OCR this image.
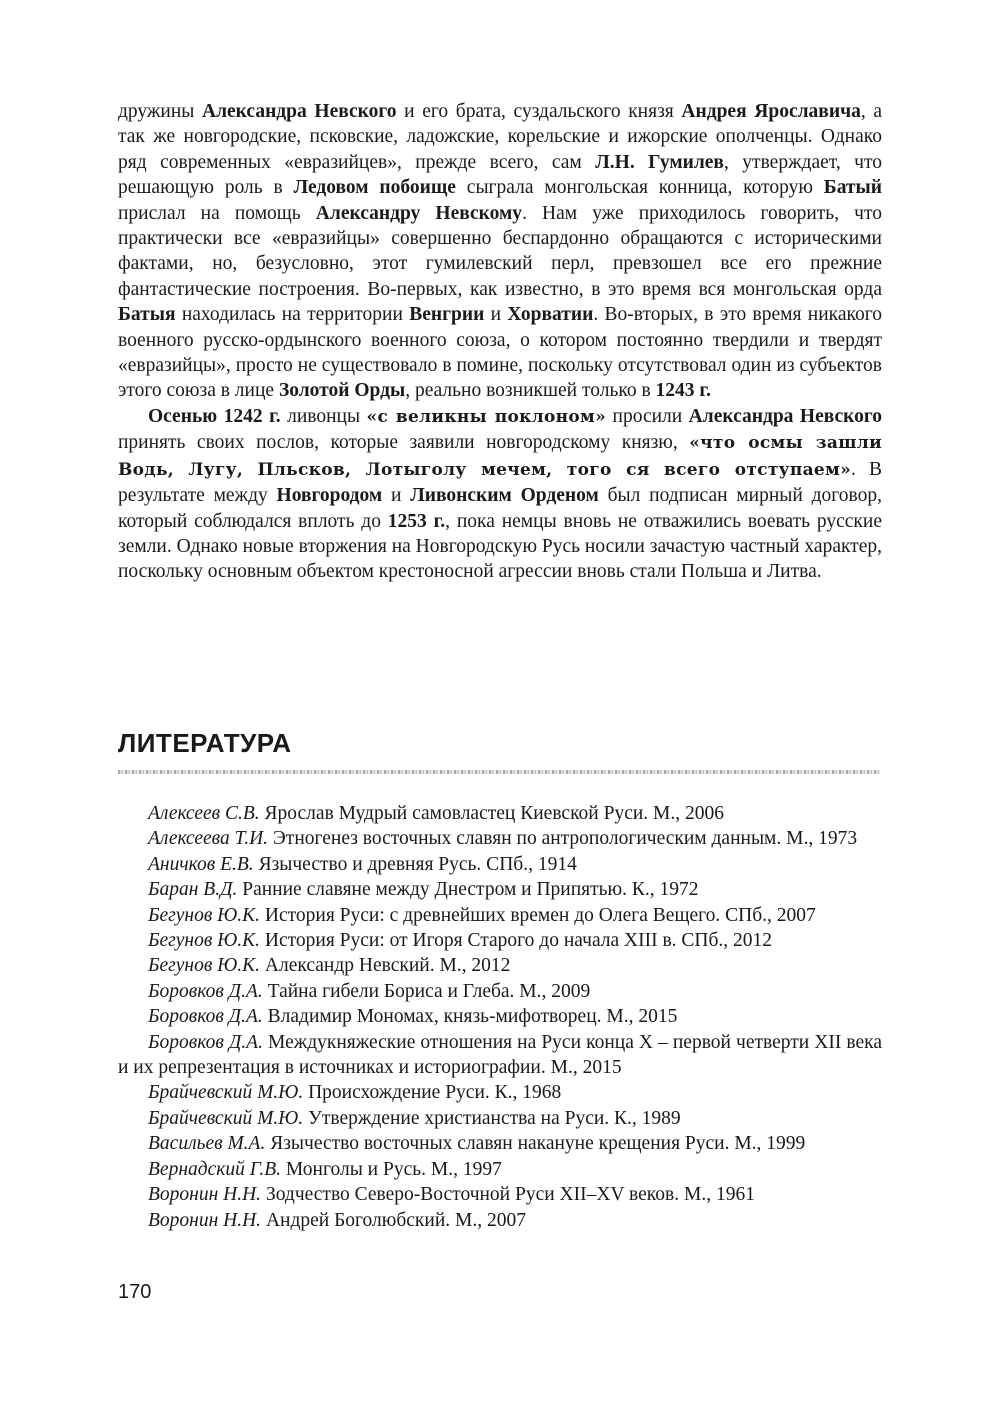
дружины Александра Невского и его брата, суздальского князя Андрея Ярославича, а так же новгородские, псковские, ладожские, корельские и ижорские ополченцы. Однако ряд современных «евразийцев», прежде всего, сам Л.Н. Гумилев, утверждает, что решающую роль в Ледовом побоище сыграла монгольская конница, которую Батый прислал на помощь Александру Невскому. Нам уже приходилось говорить, что практически все «евразийцы» совершенно беспардонно обращаются с историческими фактами, но, безусловно, этот гумилевский перл, превзошел все его прежние фантастические построения. Во-первых, как известно, в это время вся монгольская орда Батыя находилась на территории Венгрии и Хорватии. Во-вторых, в это время никакого военного русско-ордынского военного союза, о котором постоянно твердили и твердят «евразийцы», просто не существовало в помине, поскольку отсутствовал один из субъектов этого союза в лице Золотой Орды, реально возникшей только в 1243 г.

Осенью 1242 г. ливонцы «с великны поклоном» просили Александра Невского принять своих послов, которые заявили новгородскому князю, «что осмы зашли Водь, Лугу, Пльсков, Лотыголу мечем, того ся всего отступаем». В результате между Новгородом и Ливонским Орденом был подписан мирный договор, который соблюдался вплоть до 1253 г., пока немцы вновь не отважились воевать русские земли. Однако новые вторжения на Новгородскую Русь носили зачастую частный характер, поскольку основным объектом крестоносной агрессии вновь стали Польша и Литва.

ЛИТЕРАТУРА

Алексеев С.В. Ярослав Мудрый самовластец Киевской Руси. М., 2006

Алексеева Т.И. Этногенез восточных славян по антропологическим данным. М., 1973

Аничков Е.В. Язычество и древняя Русь. СПб., 1914

Баран В.Д. Ранние славяне между Днестром и Припятью. К., 1972

Бегунов Ю.К. История Руси: с древнейших времен до Олега Вещего. СПб., 2007

Бегунов Ю.К. История Руси: от Игоря Старого до начала XIII в. СПб., 2012

Бегунов Ю.К. Александр Невский. М., 2012

Боровков Д.А. Тайна гибели Бориса и Глеба. М., 2009

Боровков Д.А. Владимир Мономах, князь-мифотворец. М., 2015

Боровков Д.А. Междукняжеские отношения на Руси конца X – первой четверти XII века и их репрезентация в источниках и историографии. М., 2015

Брайчевский М.Ю. Происхождение Руси. К., 1968

Брайчевский М.Ю. Утверждение христианства на Руси. К., 1989

Васильев М.А. Язычество восточных славян накануне крещения Руси. М., 1999

Вернадский Г.В. Монголы и Русь. М., 1997

Воронин Н.Н. Зодчество Северо-Восточной Руси XII–XV веков. М., 1961

Воронин Н.Н. Андрей Боголюбский. М., 2007

170
